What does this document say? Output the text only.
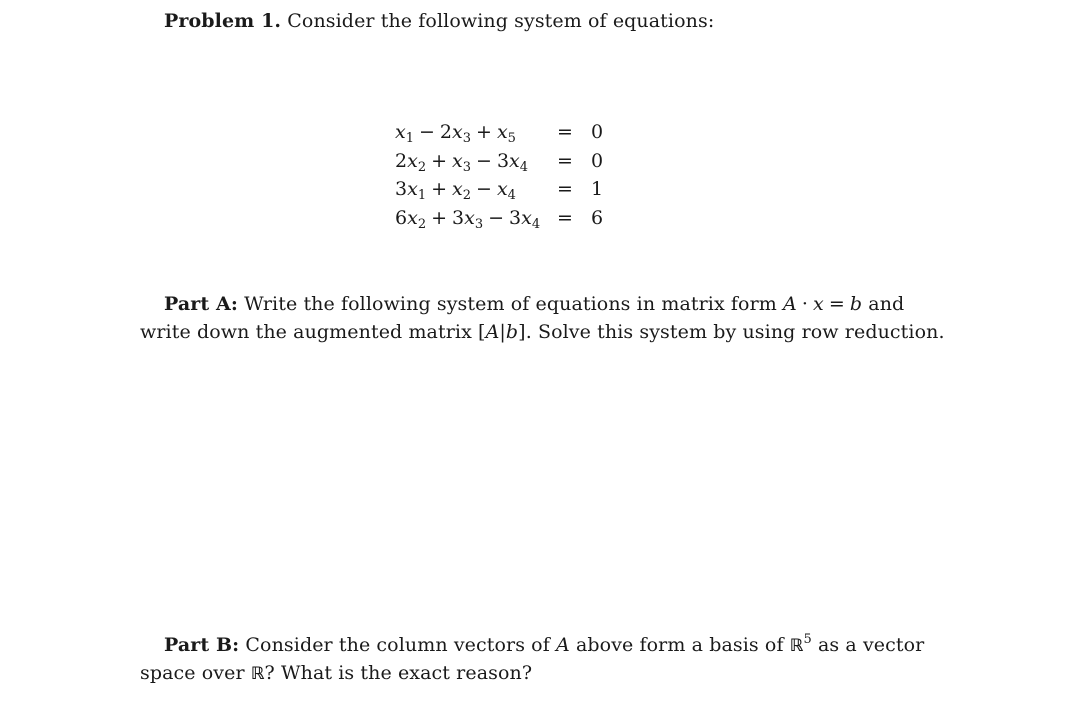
Problem 1. Consider the following system of equations:
$x_1 - 2x_3 + x_5 = 0$
$2x_2 + x_3 - 3x_4 = 0$
$3x_1 + x_2 - x_4 = 1$
$6x_2 + 3x_3 - 3x_4 = 6$
Part A: Write the following system of equations in matrix form A · x = b and
write down the augmented matrix [A|b]. Solve this system by using row reduction.
Part B: Consider the column vectors of A above form a basis of ℝ$^5$ as a vector
space over ℝ? What is the exact reason?
